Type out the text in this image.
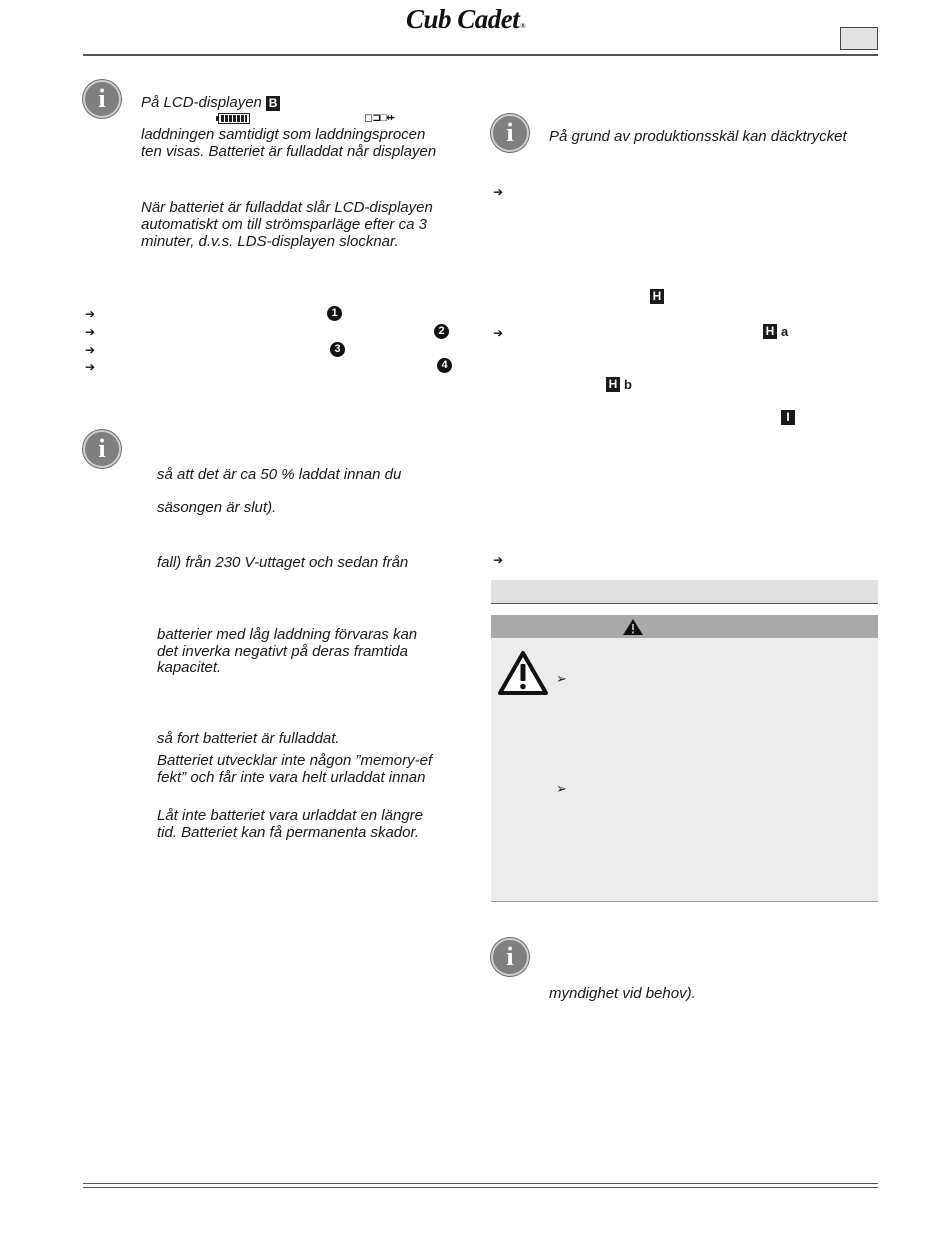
Cub Cadet®
i	På LCD-displayen B
◻⊐□⇷
laddningen samtidigt som laddningsprocen
ten visas. Batteriet är fulladdat når displayen
När batteriet är fulladdat slår LCD-displayen
automatiskt om till strömsparläge efter ca 3
minuter, d.v.s. LDS-displayen slocknar.
➔	1
➔	2
➔	3
➔	4
i
så att det är ca 50 % laddat innan du
säsongen är slut).
fall) från 230 V-uttaget och sedan från
batterier med låg laddning förvaras kan
det inverka negativt på deras framtida
kapacitet.
så fort batteriet är fulladdat.
Batteriet utvecklar inte någon ”memory-ef
fekt” och får inte vara helt urladdat innan
Låt inte batteriet vara urladdat en längre
tid. Batteriet kan få permanenta skador.
i	På grund av produktionsskäl kan däcktrycket
➔
H
➔	H a
H b
I
➔
➢
➢
i
myndighet vid behov).
